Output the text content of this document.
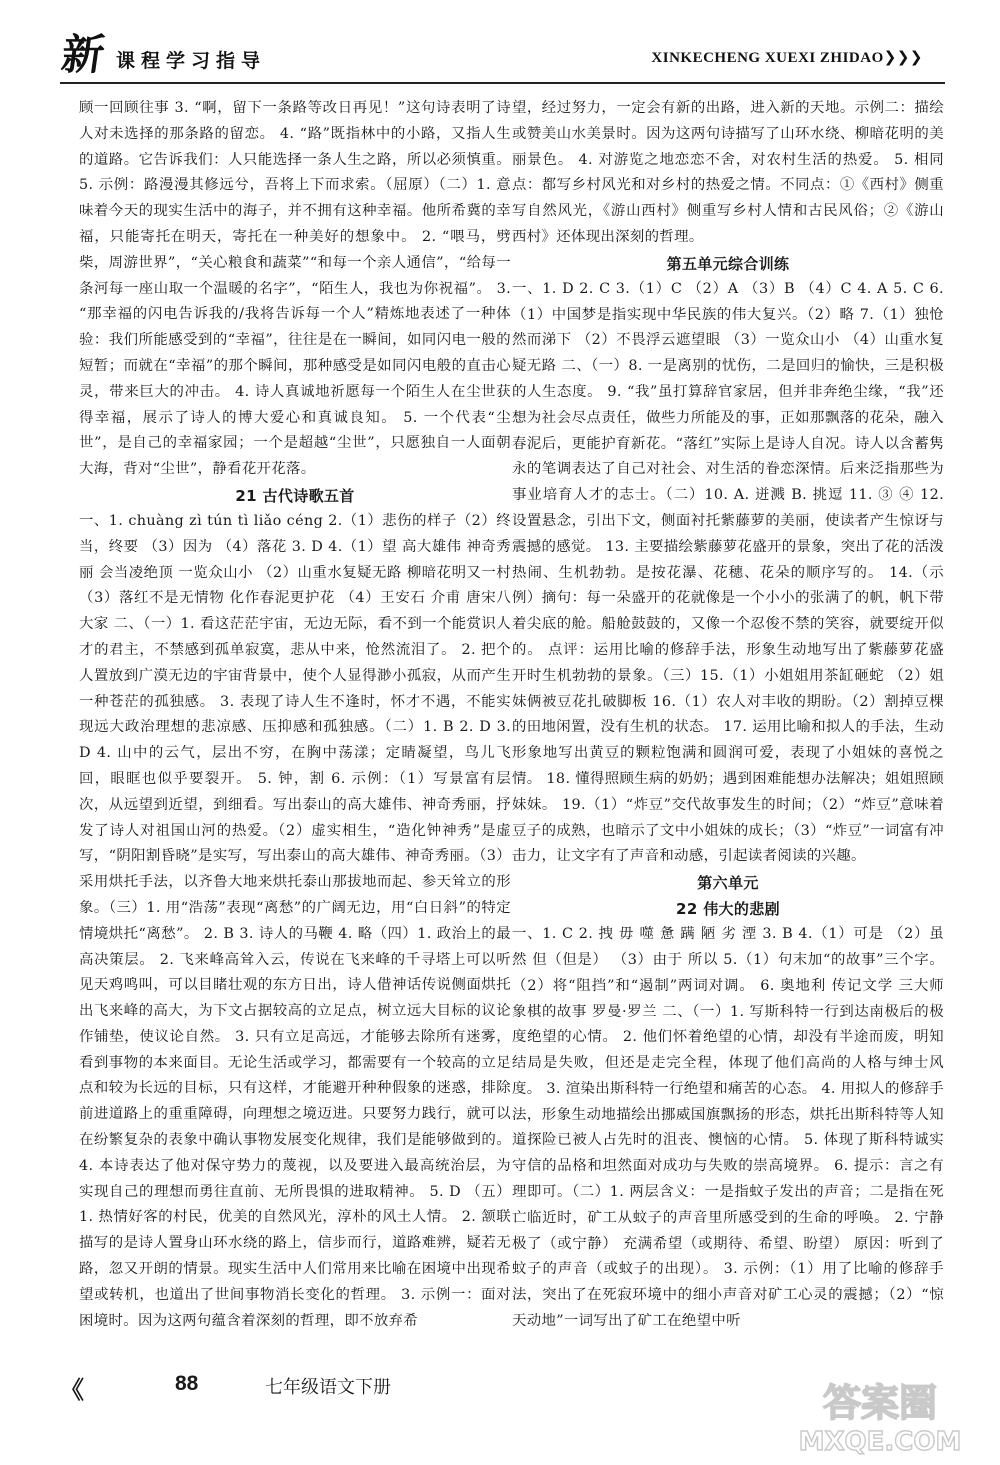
新 课程学习指导	XINKECHENG XUEXI ZHIDAO❯❯❯

顾一回顾往事 3. “啊，留下一条路等改日再见！”这句诗表明了诗人对未选择的那条路的留恋。 4. “路”既指林中的小路，又指人生的道路。它告诉我们：人只能选择一条人生之路，所以必须慎重。 5. 示例：路漫漫其修远兮，吾将上下而求索。（屈原）（二）1. 意味着今天的现实生活中的海子，并不拥有这种幸福。他所希冀的幸福，只能寄托在明天，寄托在一种美好的想象中。 2. “喂马，劈柴，周游世界”，“关心粮食和蔬菜”“和每一个亲人通信”，“给每一条河每一座山取一个温暖的名字”，“陌生人，我也为你祝福”。 3. “那幸福的闪电告诉我的/我将告诉每一个人”精炼地表述了一种体验：我们所能感受到的“幸福”，往往是在一瞬间，如同闪电一般的短暂；而就在“幸福”的那个瞬间，那种感受是如同闪电般的直击心灵，带来巨大的冲击。 4. 诗人真诚地祈愿每一个陌生人在尘世获得幸福，展示了诗人的博大爱心和真诚良知。 5. 一个代表“尘世”，是自己的幸福家园；一个是超越“尘世”，只愿独自一人面朝大海，背对“尘世”，静看花开花落。

21 古代诗歌五首

一、1. chuàng zì tún tì liǎo céng 2.（1）悲伤的样子（2）终当，终要 （3）因为 （4）落花 3. D 4.（1）望 高大雄伟 神奇秀丽 会当凌绝顶 一览众山小 （2）山重水复疑无路 柳暗花明又一村 （3）落红不是无情物 化作春泥更护花 （4）王安石 介甫 唐宋八大家 二、（一）1. 看这茫茫宇宙，无边无际，看不到一个能赏识人才的君主，不禁感到孤单寂寞，悲从中来，怆然流泪了。 2. 把个人置放到广漠无边的宇宙背景中，使个人显得渺小孤寂，从而产生一种苍茫的孤独感。 3. 表现了诗人生不逢时，怀才不遇，不能实现远大政治理想的悲凉感、压抑感和孤独感。（二）1. B 2. D 3. D 4. 山中的云气，层出不穷，在胸中荡漾；定睛凝望，鸟儿飞回，眼眶也似乎要裂开。 5. 钟，割 6. 示例：（1）写景富有层次，从远望到近望，到细看。写出泰山的高大雄伟、神奇秀丽，抒发了诗人对祖国山河的热爱。（2）虚实相生，“造化钟神秀”是虚写，“阴阳割昏晓”是实写，写出泰山的高大雄伟、神奇秀丽。（3）采用烘托手法，以齐鲁大地来烘托泰山那拔地而起、参天耸立的形象。（三）1. 用“浩荡”表现“离愁”的广阔无边，用“白日斜”的特定情境烘托“离愁”。 2. B 3. 诗人的马鞭 4. 略（四）1. 政治上的最高决策层。 2. 飞来峰高耸入云，传说在飞来峰的千寻塔上可以听见天鸡鸣叫，可以目睹壮观的东方日出，诗人借神话传说侧面烘托出飞来峰的高大，为下文占据较高的立足点，树立远大目标的议论作铺垫，使议论自然。 3. 只有立足高远，才能够去除所有迷雾，看到事物的本来面目。无论生活或学习，都需要有一个较高的立足点和较为长远的目标，只有这样，才能避开种种假象的迷惑，排除前进道路上的重重障碍，向理想之境迈进。只要努力践行，就可以在纷繁复杂的表象中确认事物发展变化规律，我们是能够做到的。 4. 本诗表达了他对保守势力的蔑视，以及要进入最高统治层，为实现自己的理想而勇往直前、无所畏惧的进取精神。 5. D （五）1. 热情好客的村民，优美的自然风光，淳朴的风土人情。 2. 颔联描写的是诗人置身山环水绕的路上，信步而行，道路难辨，疑若无路，忽又开朗的情景。现实生活中人们常用来比喻在困境中出现希望或转机，也道出了世间事物消长变化的哲理。 3. 示例一：面对困境时。因为这两句蕴含着深刻的哲理，即不放弃希

望，经过努力，一定会有新的出路，进入新的天地。示例二：描绘或赞美山水美景时。因为这两句诗描写了山环水绕、柳暗花明的美丽景色。 4. 对游览之地恋恋不舍，对农村生活的热爱。 5. 相同点：都写乡村风光和对乡村的热爱之情。不同点：①《西村》侧重写自然风光，《游山西村》侧重写乡村人情和古民风俗；②《游山西村》还体现出深刻的哲理。

第五单元综合训练

一、1. D 2. C 3.（1）C （2）A （3）B （4）C 4. A 5. C 6.（1）中国梦是指实现中华民族的伟大复兴。（2）略 7.（1）独怆然而涕下 （2）不畏浮云遮望眼 （3）一览众山小 （4）山重水复疑无路 二、（一）8. 一是离别的忧伤，二是回归的愉快，三是积极的人生态度。 9. “我”虽打算辞官家居，但并非奔绝尘缘，“我”还想为社会尽点责任，做些力所能及的事，正如那飘落的花朵，融入春泥后，更能护育新花。“落红”实际上是诗人自况。诗人以含蓄隽永的笔调表达了自己对社会、对生活的眷恋深情。后来泛指那些为事业培育人才的志士。（二）10. A. 迸溅 B. 挑逗 11. ③ ④ 12. 设置悬念，引出下文，侧面衬托紫藤萝的美丽，使读者产生惊讶与震撼的感觉。 13. 主要描绘紫藤萝花盛开的景象，突出了花的活泼热闹、生机勃勃。是按花瀑、花穗、花朵的顺序写的。 14.（示例）摘句：每一朵盛开的花就像是一个小小的张满了的帆，帆下带着尖底的舱。船舱鼓鼓的，又像一个忍俊不禁的笑容，就要绽开似的。 点评：运用比喻的修辞手法，形象生动地写出了紫藤萝花盛开时生机勃勃的景象。（三）15.（1）小姐姐用茶缸砸蛇 （2）姐妹俩被豆花扎破脚板 16.（1）农人对丰收的期盼。（2）割掉豆棵的田地闲置，没有生机的状态。 17. 运用比喻和拟人的手法，生动形象地写出黄豆的颗粒饱满和圆润可爱，表现了小姐妹的喜悦之情。 18. 懂得照顾生病的奶奶；遇到困难能想办法解决；姐姐照顾妹妹。 19.（1）“炸豆”交代故事发生的时间；（2）“炸豆”意味着豆子的成熟，也暗示了文中小姐妹的成长；（3）“炸豆”一词富有冲击力，让文字有了声音和动感，引起读者阅读的兴趣。

第六单元
22 伟大的悲剧

一、1. C 2. 拽 毋 噬 惫 蹒 陋 劣 湮 3. B 4.（1）可是 （2）虽然 但（但是） （3）由于 所以 5.（1）句末加“的故事”三个字。（2）将“阻挡”和“遏制”两词对调。 6. 奥地利 传记文学 三大师 象棋的故事 罗曼·罗兰 二、（一）1. 写斯科特一行到达南极后的极度绝望的心情。 2. 他们怀着绝望的心情，却没有半途而废，明知结局是失败，但还是走完全程，体现了他们高尚的人格与绅士风度。 3. 渲染出斯科特一行绝望和痛苦的心态。 4. 用拟人的修辞手法，形象生动地描绘出挪威国旗飘扬的形态，烘托出斯科特等人知道探险已被人占先时的沮丧、懊恼的心情。 5. 体现了斯科特诚实守信的品格和坦然面对成功与失败的崇高境界。 6. 提示：言之有理即可。（二）1. 两层含义：一是指蚊子发出的声音；二是指在死亡临近时，矿工从蚊子的声音里所感受到的生命的呼唤。 2. 宁静极了（或宁静） 充满希望（或期待、希望、盼望） 原因：听到了蚊子的声音（或蚊子的出现）。 3. 示例：（1）用了比喻的修辞手法，突出了在死寂环境中的细小声音对矿工心灵的震撼；（2）“惊天动地”一词写出了矿工在绝望中听

《	88	七年级语文下册	答案圈
MXQE.COM
